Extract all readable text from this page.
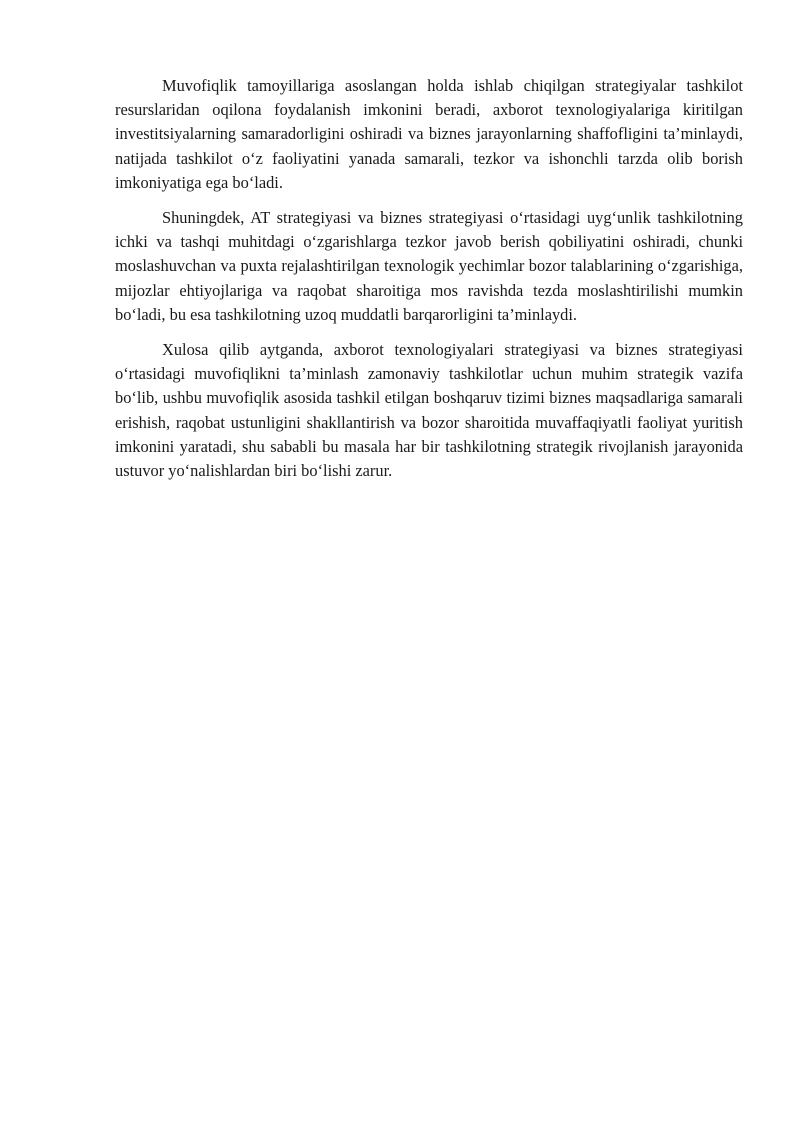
Muvofiqlik tamoyillariga asoslangan holda ishlab chiqilgan strategiyalar tashkilot resurslaridan oqilona foydalanish imkonini beradi, axborot texnologiyalariga kiritilgan investitsiyalarning samaradorligini oshiradi va biznes jarayonlarning shaffofligini ta’minlaydi, natijada tashkilot o‘z faoliyatini yanada samarali, tezkor va ishonchli tarzda olib borish imkoniyatiga ega bo‘ladi.

Shuningdek, AT strategiyasi va biznes strategiyasi o‘rtasidagi uyg‘unlik tashkilotning ichki va tashqi muhitdagi o‘zgarishlarga tezkor javob berish qobiliyatini oshiradi, chunki moslashuvchan va puxta rejalashtirilgan texnologik yechimlar bozor talablarining o‘zgarishiga, mijozlar ehtiyojlariga va raqobat sharoitiga mos ravishda tezda moslashtirilishi mumkin bo‘ladi, bu esa tashkilotning uzoq muddatli barqarorligini ta’minlaydi.

Xulosa qilib aytganda, axborot texnologiyalari strategiyasi va biznes strategiyasi oʻrtasidagi muvofiqlikni ta’minlash zamonaviy tashkilotlar uchun muhim strategik vazifa bo‘lib, ushbu muvofiqlik asosida tashkil etilgan boshqaruv tizimi biznes maqsadlariga samarali erishish, raqobat ustunligini shakllantirish va bozor sharoitida muvaffaqiyatli faoliyat yuritish imkonini yaratadi, shu sababli bu masala har bir tashkilotning strategik rivojlanish jarayonida ustuvor yoʻnalishlardan biri boʻlishi zarur.
